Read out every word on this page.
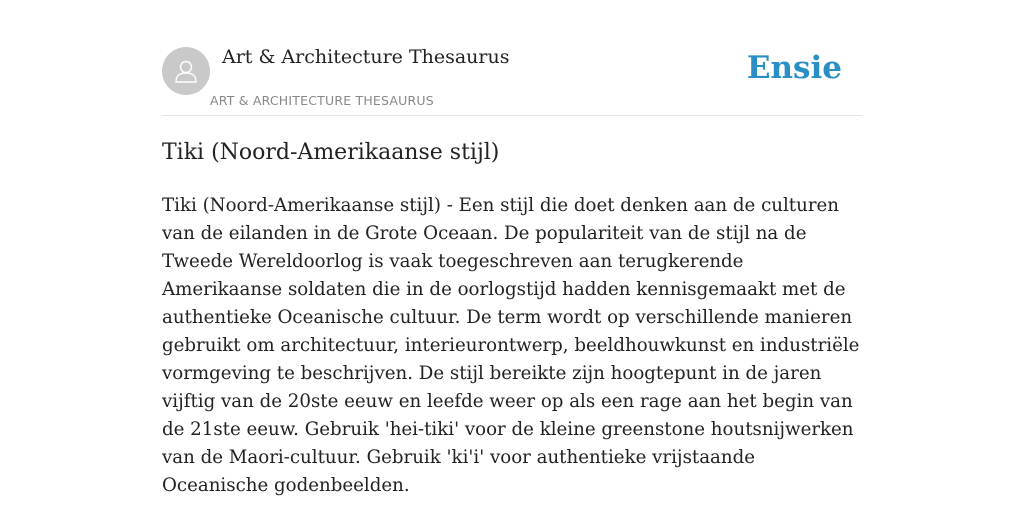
Art & Architecture Thesaurus
ART & ARCHITECTURE THESAURUS
Ensie
Tiki (Noord-Amerikaanse stijl)

Tiki (Noord-Amerikaanse stijl) - Een stijl die doet denken aan de culturen van de eilanden in de Grote Oceaan. De populariteit van de stijl na de Tweede Wereldoorlog is vaak toegeschreven aan terugkerende Amerikaanse soldaten die in de oorlogstijd hadden kennisgemaakt met de authentieke Oceanische cultuur. De term wordt op verschillende manieren gebruikt om architectuur, interieurontwerp, beeldhouwkunst en industriële vormgeving te beschrijven. De stijl bereikte zijn hoogtepunt in de jaren vijftig van de 20ste eeuw en leefde weer op als een rage aan het begin van de 21ste eeuw. Gebruik 'hei-tiki' voor de kleine greenstone houtsnijwerken van de Maori-cultuur. Gebruik 'ki'i' voor authentieke vrijstaande Oceanische godenbeelden.
